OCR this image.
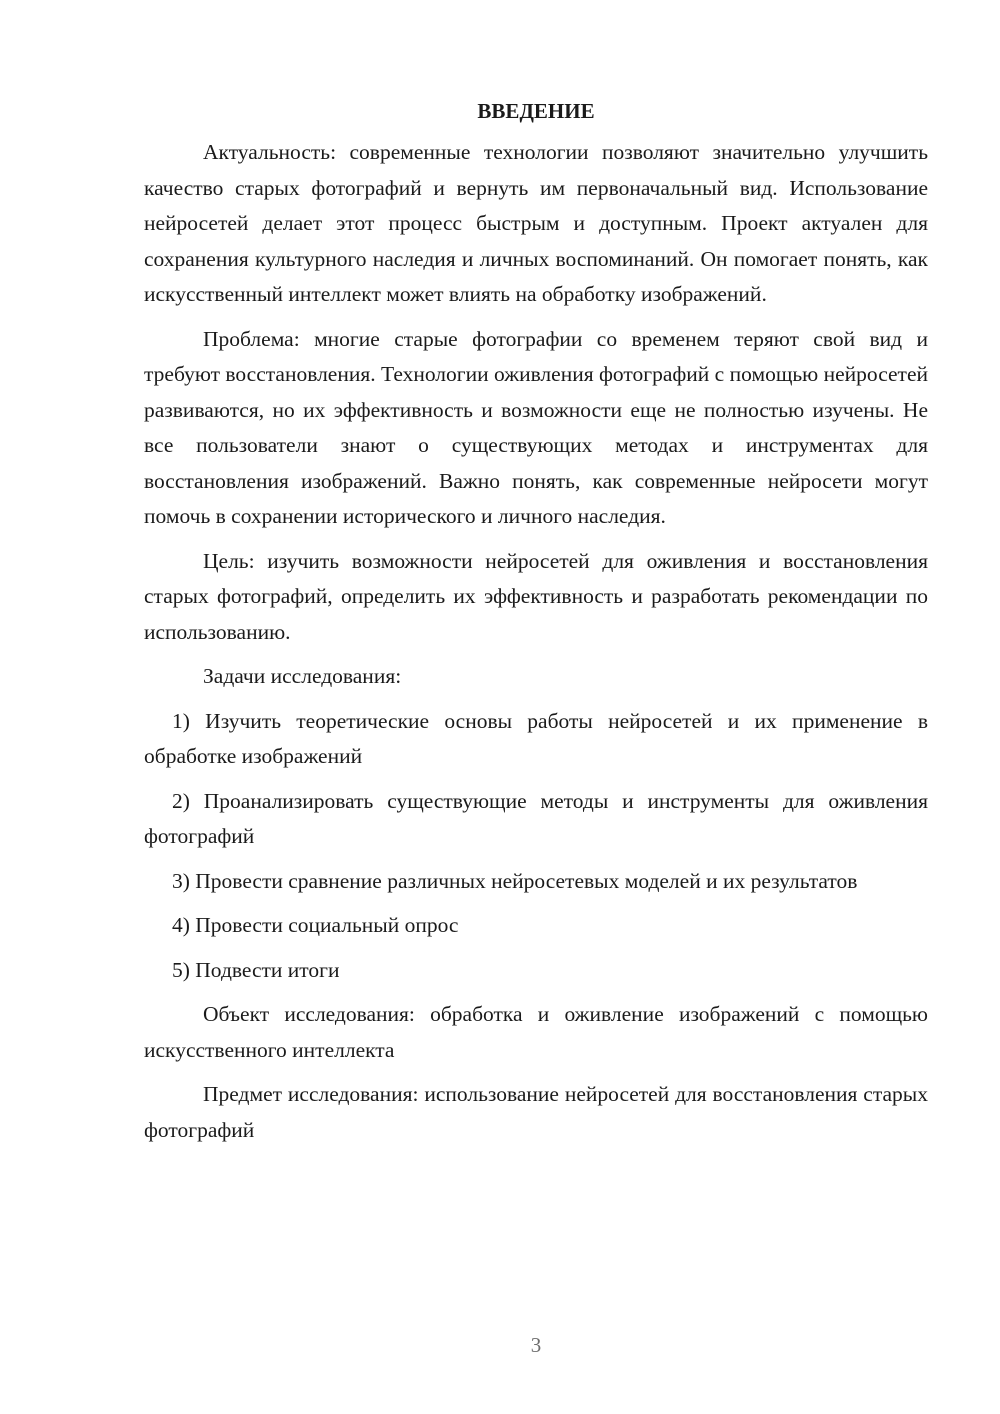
ВВЕДЕНИЕ

Актуальность: современные технологии позволяют значительно улучшить качество старых фотографий и вернуть им первоначальный вид. Использование нейросетей делает этот процесс быстрым и доступным. Проект актуален для сохранения культурного наследия и личных воспоминаний. Он помогает понять, как искусственный интеллект может влиять на обработку изображений.

Проблема: многие старые фотографии со временем теряют свой вид и требуют восстановления. Технологии оживления фотографий с помощью нейросетей развиваются, но их эффективность и возможности еще не полностью изучены. Не все пользователи знают о существующих методах и инструментах для восстановления изображений. Важно понять, как современные нейросети могут помочь в сохранении исторического и личного наследия.

Цель: изучить возможности нейросетей для оживления и восстановления старых фотографий, определить их эффективность и разработать рекомендации по использованию.

Задачи исследования:

1) Изучить теоретические основы работы нейросетей и их применение в обработке изображений

2) Проанализировать существующие методы и инструменты для оживления фотографий

3) Провести сравнение различных нейросетевых моделей и их результатов

4) Провести социальный опрос

5) Подвести итоги

Объект исследования: обработка и оживление изображений с помощью искусственного интеллекта

Предмет исследования: использование нейросетей для восстановления старых фотографий

3
